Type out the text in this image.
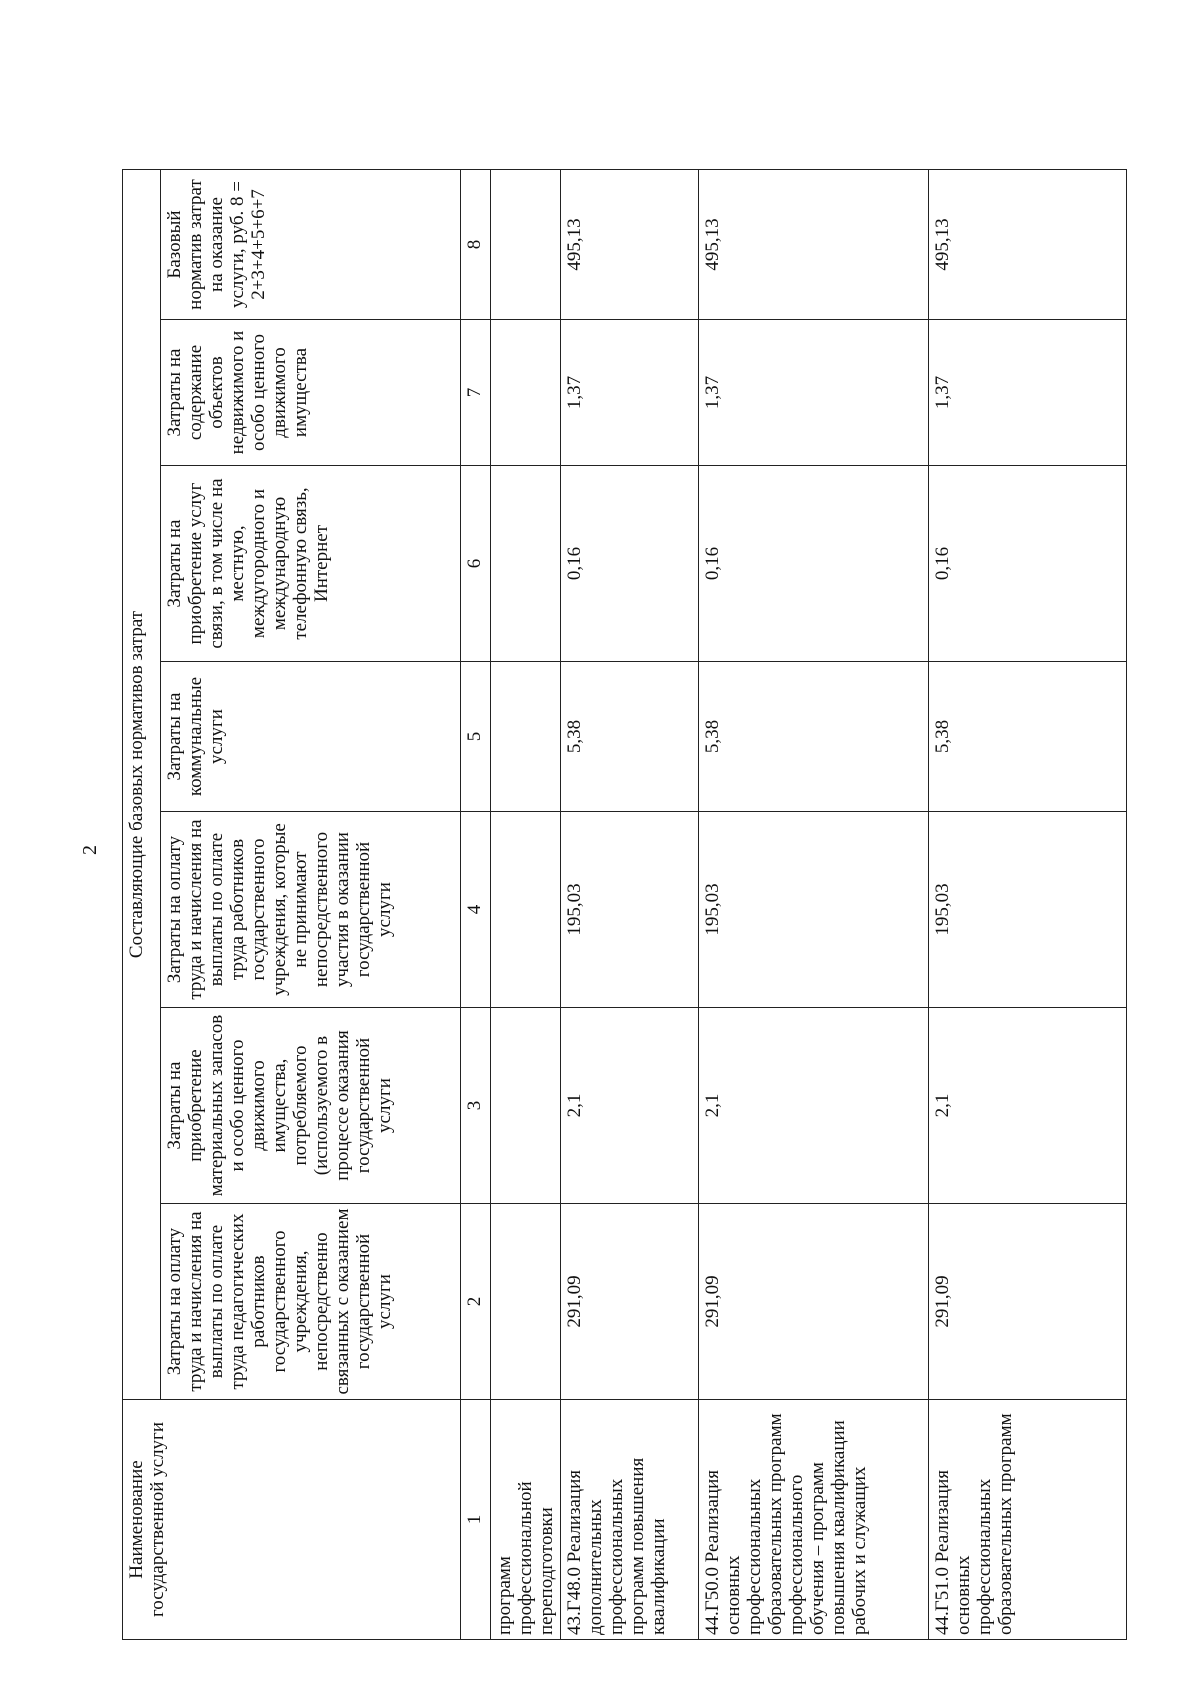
2
Наименование государственной услуги	Составляющие базовых нормативов затрат						

	Затраты на оплату труда и начисления на выплаты по оплате труда педагогических работников государственного учреждения, непосредственно связанных с оказанием государственной услуги	Затраты на приобретение материальных запасов и особо ценного движимого имущества, потребляемого (используемого в процессе оказания государственной услуги	Затраты на оплату труда и начисления на выплаты по оплате труда работников государственного учреждения, которые не принимают непосредственного участия в оказании государственной услуги	Затраты на коммунальные услуги	Затраты на приобретение услуг связи, в том числе на местную, междугородного и международную телефонную связь, Интернет	Затраты на содержание объектов недвижимого и особо ценного движимого имущества	Базовый норматив затрат на оказание услуги, руб. 8 = 2+3+4+5+6+7
1	2	3	4	5	6	7	8
программ профессиональной переподготовки							
43.Г48.0 Реализация дополнительных профессиональных программ повышения квалификации	291,09	2,1	195,03	5,38	0,16	1,37	495,13
44.Г50.0 Реализация основных профессиональных образовательных программ профессионального обучения – программ повышения квалификации рабочих и служащих	291,09	2,1	195,03	5,38	0,16	1,37	495,13
44.Г51.0 Реализация основных профессиональных образовательных программ	291,09	2,1	195,03	5,38	0,16	1,37	495,13
